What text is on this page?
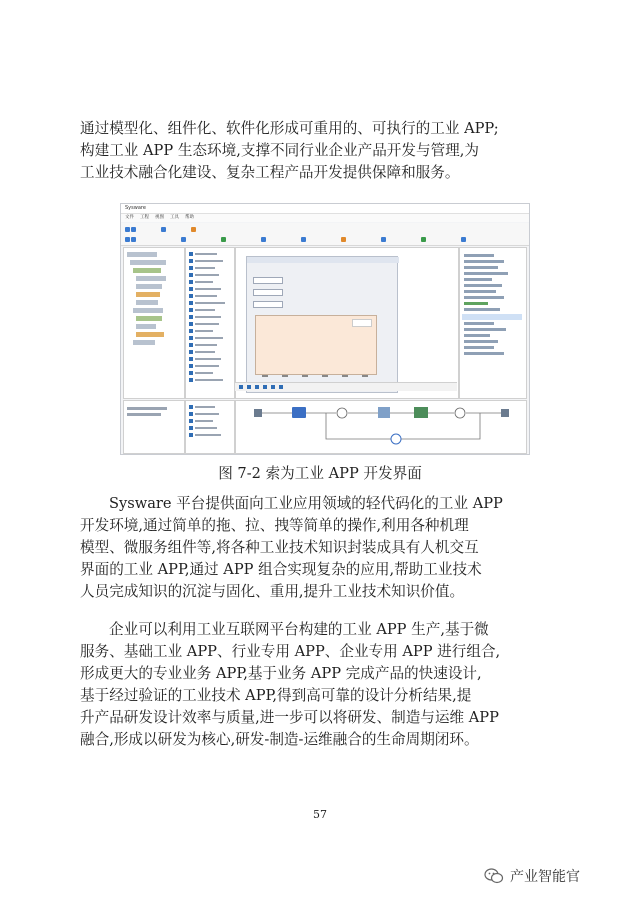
通过模型化、组件化、软件化形成可重用的、可执行的工业 APP;
构建工业 APP 生态环境,支撑不同行业企业产品开发与管理,为
工业技术融合化建设、复杂工程产品开发提供保障和服务。
Sysware
文件 工程 视图 工具 帮助
图 7-2 索为工业 APP 开发界面
Sysware 平台提供面向工业应用领域的轻代码化的工业 APP
开发环境,通过简单的拖、拉、拽等简单的操作,利用各种机理
模型、微服务组件等,将各种工业技术知识封装成具有人机交互
界面的工业 APP,通过 APP 组合实现复杂的应用,帮助工业技术
人员完成知识的沉淀与固化、重用,提升工业技术知识价值。
企业可以利用工业互联网平台构建的工业 APP 生产,基于微
服务、基础工业 APP、行业专用 APP、企业专用 APP 进行组合,
形成更大的专业业务 APP,基于业务 APP 完成产品的快速设计,
基于经过验证的工业技术 APP,得到高可靠的设计分析结果,提
升产品研发设计效率与质量,进一步可以将研发、制造与运维 APP
融合,形成以研发为核心,研发-制造-运维融合的生命周期闭环。
57
产业智能官
